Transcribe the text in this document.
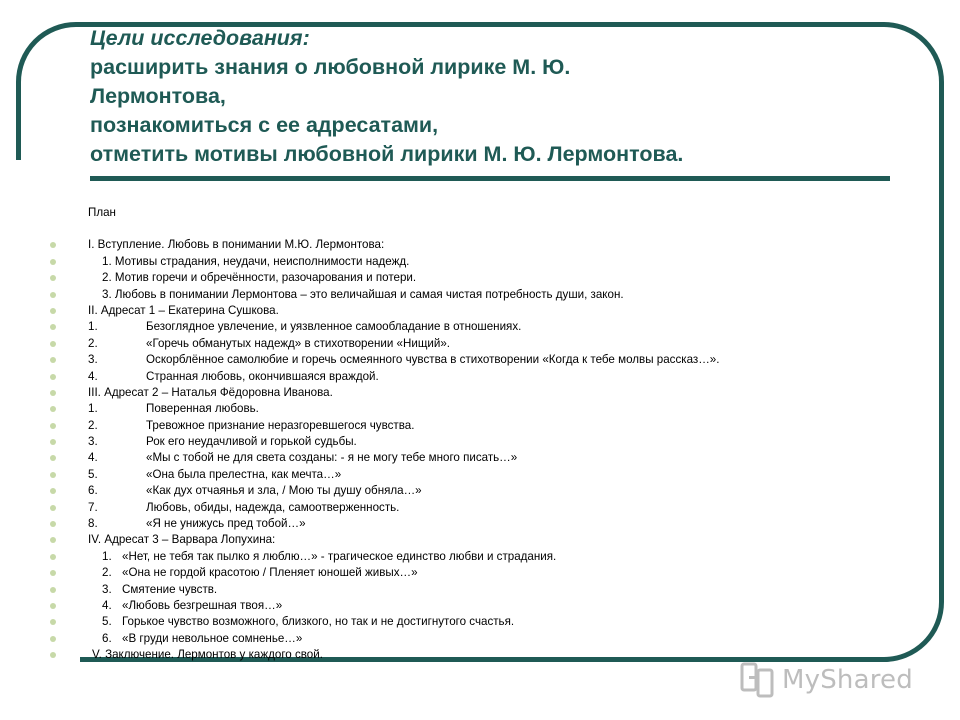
Цели исследования:
расширить знания о любовной лирике М. Ю.
Лермонтова,
познакомиться с ее адресатами,
отметить мотивы любовной лирики М. Ю. Лермонтова.
План
I. Вступление. Любовь в понимании М.Ю. Лермонтова:
1. Мотивы страдания, неудачи, неисполнимости надежд.
2. Мотив горечи и обречённости, разочарования и потери.
3. Любовь в понимании Лермонтова – это величайшая и самая чистая потребность души, закон.
II. Адресат 1 – Екатерина Сушкова.
1.	Безоглядное увлечение, и уязвленное самообладание в отношениях.
2.	«Горечь обманутых надежд» в стихотворении «Нищий».
3.	Оскорблённое самолюбие и горечь осмеянного чувства в стихотворении «Когда к тебе молвы рассказ…».
4.	Странная любовь, окончившаяся враждой.
III. Адресат 2 – Наталья Фёдоровна Иванова.
1.	Поверенная любовь.
2.	Тревожное признание неразгоревшегося чувства.
3.	Рок его неудачливой и горькой судьбы.
4.	«Мы с тобой не для света созданы: - я не могу тебе много писать…»
5.	«Она была прелестна, как мечта…»
6.	«Как дух отчаянья и зла, / Мою ты душу обняла…»
7.	Любовь, обиды, надежда, самоотверженность.
8.	«Я не унижусь пред тобой…»
IV. Адресат 3 – Варвара Лопухина:
1. «Нет, не тебя так пылко я люблю…» - трагическое единство любви и страдания.
2. «Она не гордой красотою / Пленяет юношей живых…»
3. Смятение чувств.
4. «Любовь безгрешная твоя…»
5. Горькое чувство возможного, близкого, но так и не достигнутого счастья.
6. «В груди невольное сомненье…»
V. Заключение. Лермонтов у каждого свой.
MyShared
